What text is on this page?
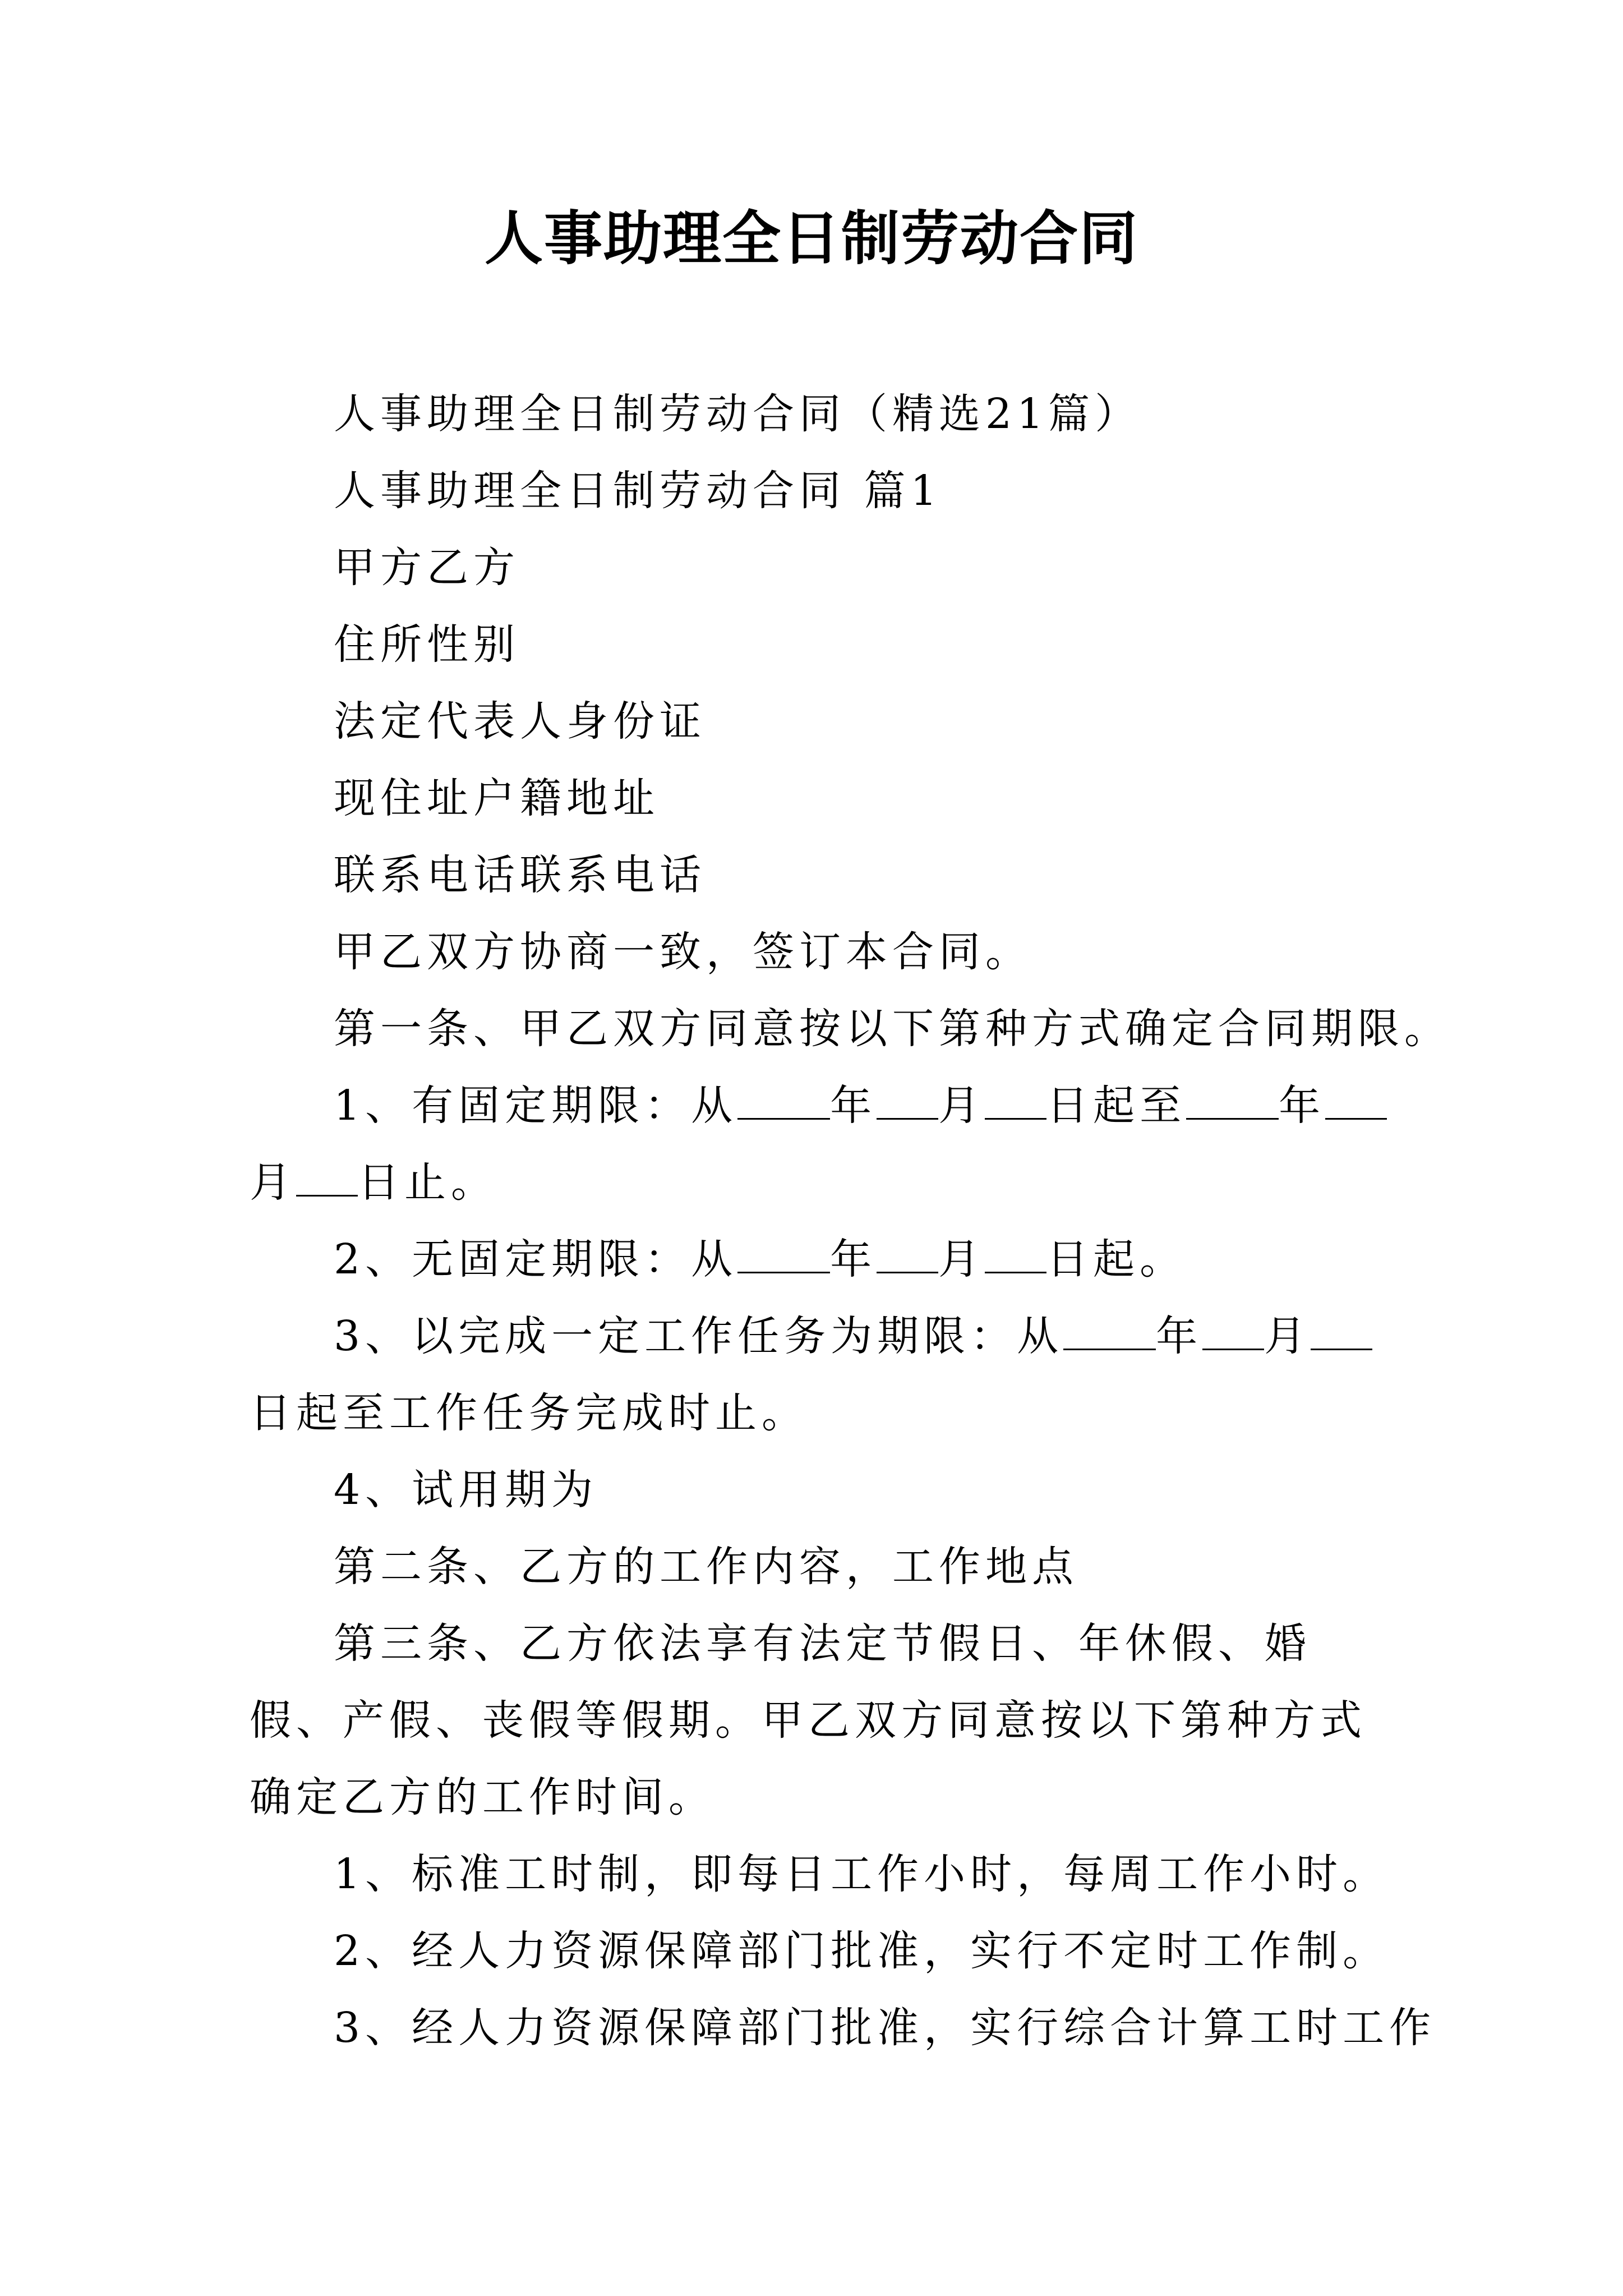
人事助理全日制劳动合同

人事助理全日制劳动合同（精选21篇）

人事助理全日制劳动合同 篇1

甲方乙方

住所性别

法定代表人身份证

现住址户籍地址

联系电话联系电话

甲乙双方协商一致，签订本合同。

第一条、甲乙双方同意按以下第种方式确定合同期限。

1、有固定期限：从 年 月 日起至 年月 日止。

2、无固定期限：从 年 月 日起。

3、以完成一定工作任务为期限：从 年 月日起至工作任务完成时止。

4、试用期为

第二条、乙方的工作内容，工作地点

第三条、乙方依法享有法定节假日、年休假、婚假、产假、丧假等假期。甲乙双方同意按以下第种方式确定乙方的工作时间。

1、标准工时制，即每日工作小时，每周工作小时。

2、经人力资源保障部门批准，实行不定时工作制。

3、经人力资源保障部门批准，实行综合计算工时工作
